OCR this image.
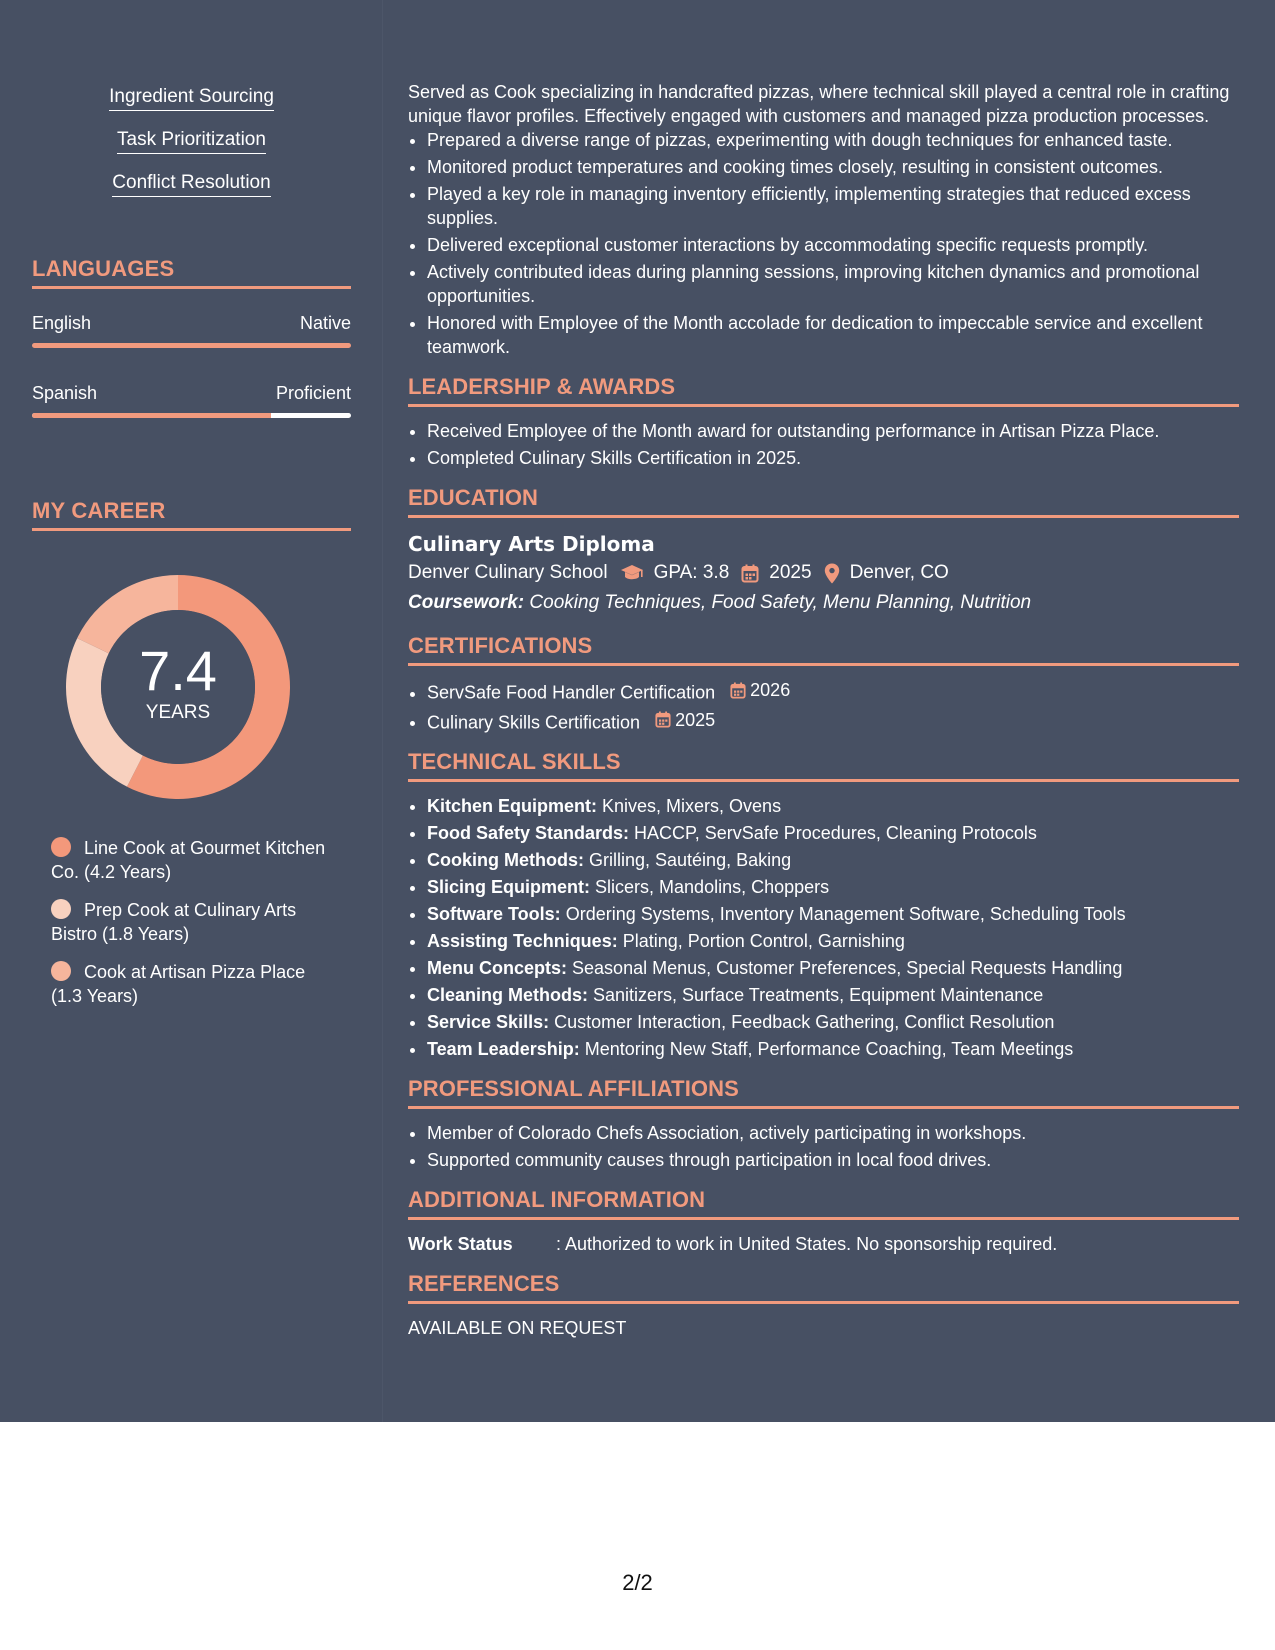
Ingredient Sourcing
Task Prioritization
Conflict Resolution
LANGUAGES
English	Native
Spanish	Proficient
MY CAREER
7.4
YEARS
Line Cook at Gourmet Kitchen Co. (4.2 Years)
Prep Cook at Culinary Arts Bistro (1.8 Years)
Cook at Artisan Pizza Place (1.3 Years)

Served as Cook specializing in handcrafted pizzas, where technical skill played a central role in crafting unique flavor profiles. Effectively engaged with customers and managed pizza production processes.

• Prepared a diverse range of pizzas, experimenting with dough techniques for enhanced taste.
• Monitored product temperatures and cooking times closely, resulting in consistent outcomes.
• Played a key role in managing inventory efficiently, implementing strategies that reduced excess supplies.
• Delivered exceptional customer interactions by accommodating specific requests promptly.
• Actively contributed ideas during planning sessions, improving kitchen dynamics and promotional opportunities.
• Honored with Employee of the Month accolade for dedication to impeccable service and excellent teamwork.
LEADERSHIP & AWARDS
• Received Employee of the Month award for outstanding performance in Artisan Pizza Place.
• Completed Culinary Skills Certification in 2025.
EDUCATION
Culinary Arts Diploma
Denver Culinary School GPA: 3.8 2025 Denver, CO
Coursework: Cooking Techniques, Food Safety, Menu Planning, Nutrition
CERTIFICATIONS
• ServSafe Food Handler Certification 2026
• Culinary Skills Certification 2025
TECHNICAL SKILLS
• Kitchen Equipment: Knives, Mixers, Ovens
• Food Safety Standards: HACCP, ServSafe Procedures, Cleaning Protocols
• Cooking Methods: Grilling, Sautéing, Baking
• Slicing Equipment: Slicers, Mandolins, Choppers
• Software Tools: Ordering Systems, Inventory Management Software, Scheduling Tools
• Assisting Techniques: Plating, Portion Control, Garnishing
• Menu Concepts: Seasonal Menus, Customer Preferences, Special Requests Handling
• Cleaning Methods: Sanitizers, Surface Treatments, Equipment Maintenance
• Service Skills: Customer Interaction, Feedback Gathering, Conflict Resolution
• Team Leadership: Mentoring New Staff, Performance Coaching, Team Meetings
PROFESSIONAL AFFILIATIONS
• Member of Colorado Chefs Association, actively participating in workshops.
• Supported community causes through participation in local food drives.
ADDITIONAL INFORMATION
Work Status	: Authorized to work in United States. No sponsorship required.
REFERENCES
AVAILABLE ON REQUEST
2/2
